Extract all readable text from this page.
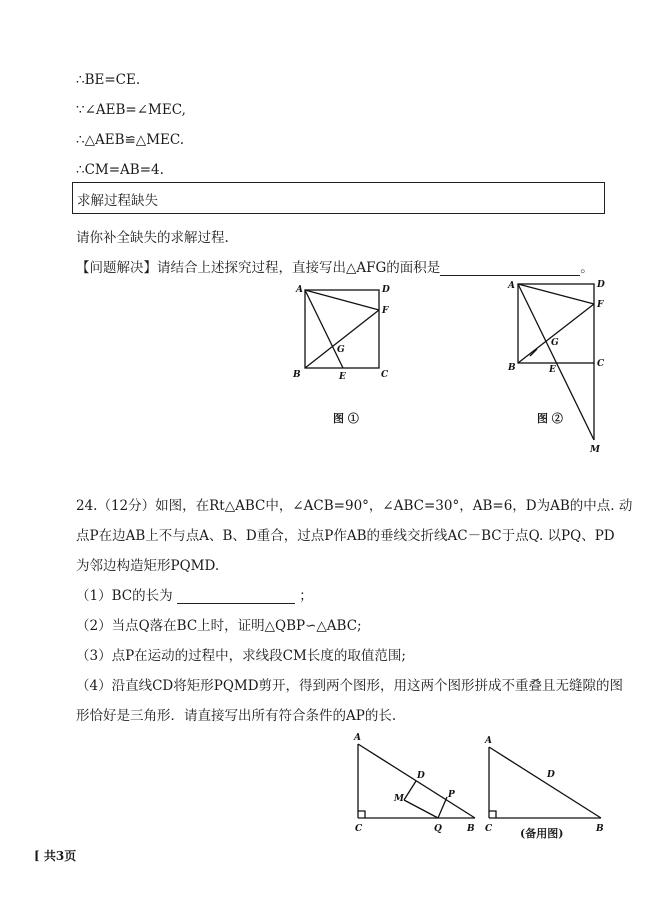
∴BE=CE.
∵∠AEB=∠MEC,
∴△AEB≌△MEC.
∴CM=AB=4.
求解过程缺失
请你补全缺失的求解过程.
【问题解决】请结合上述探究过程，直接写出△AFG的面积是	。
A	D
F
G
B	E	C
图 ①
A	D
F
G
B	E
C
M
图 ②
24.（12分）如图，在Rt△ABC中，∠ACB=90°，∠ABC=30°，AB=6，D为AB的中点. 动
点P在边AB上不与点A、B、D重合，过点P作AB的垂线交折线AC－BC于点Q. 以PQ、PD
为邻边构造矩形PQMD.
（1）BC的长为	；
（2）当点Q落在BC上时，证明△QBP∽△ABC;
（3）点P在运动的过程中，求线段CM长度的取值范围;
（4）沿直线CD将矩形PQMD剪开，得到两个图形，用这两个图形拼成不重叠且无缝隙的图
形恰好是三角形．请直接写出所有符合条件的AP的长.
A
D
M	P
C	Q	B
A
D
C	B
(备用图)
[ 共3页
